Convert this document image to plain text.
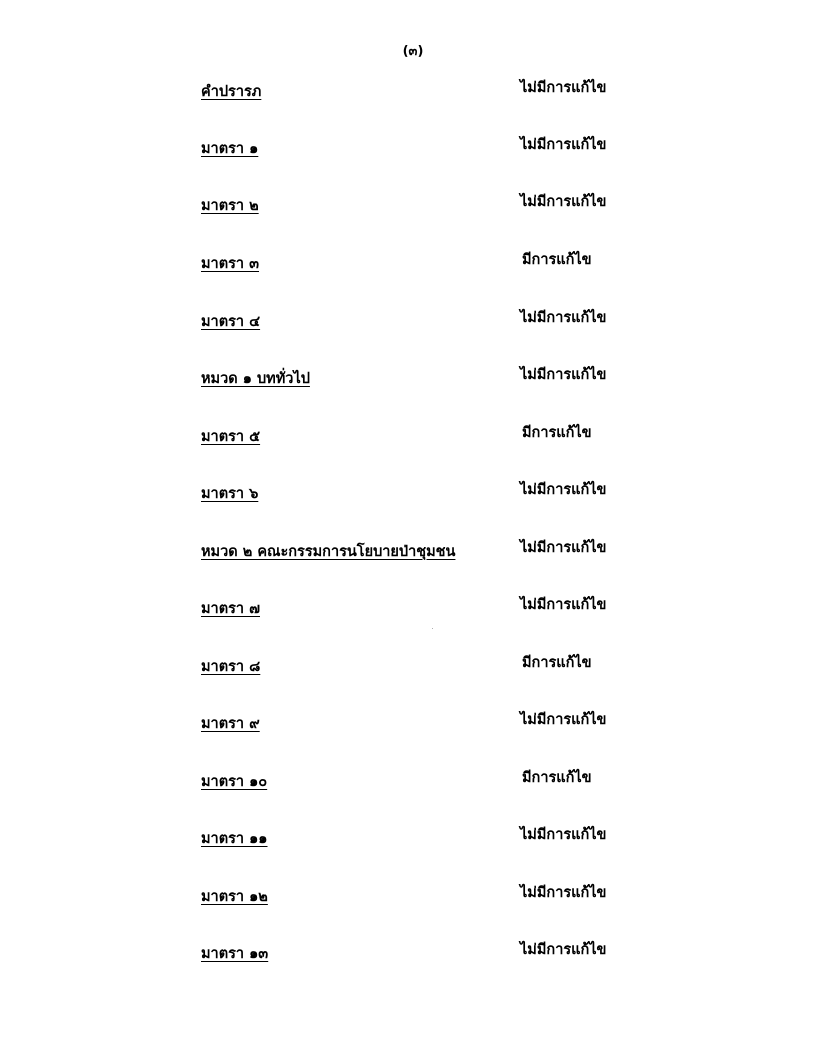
(๓)
คำปรารภ	ไม่มีการแก้ไข
มาตรา ๑	ไม่มีการแก้ไข
มาตรา ๒	ไม่มีการแก้ไข
มาตรา ๓	มีการแก้ไข
มาตรา ๔	ไม่มีการแก้ไข
หมวด ๑ บททั่วไป	ไม่มีการแก้ไข
มาตรา ๕	มีการแก้ไข
มาตรา ๖	ไม่มีการแก้ไข
หมวด ๒ คณะกรรมการนโยบายป่าชุมชน	ไม่มีการแก้ไข
มาตรา ๗	ไม่มีการแก้ไข
มาตรา ๘	มีการแก้ไข
มาตรา ๙	ไม่มีการแก้ไข
มาตรา ๑๐	มีการแก้ไข
มาตรา ๑๑	ไม่มีการแก้ไข
มาตรา ๑๒	ไม่มีการแก้ไข
มาตรา ๑๓	ไม่มีการแก้ไข
